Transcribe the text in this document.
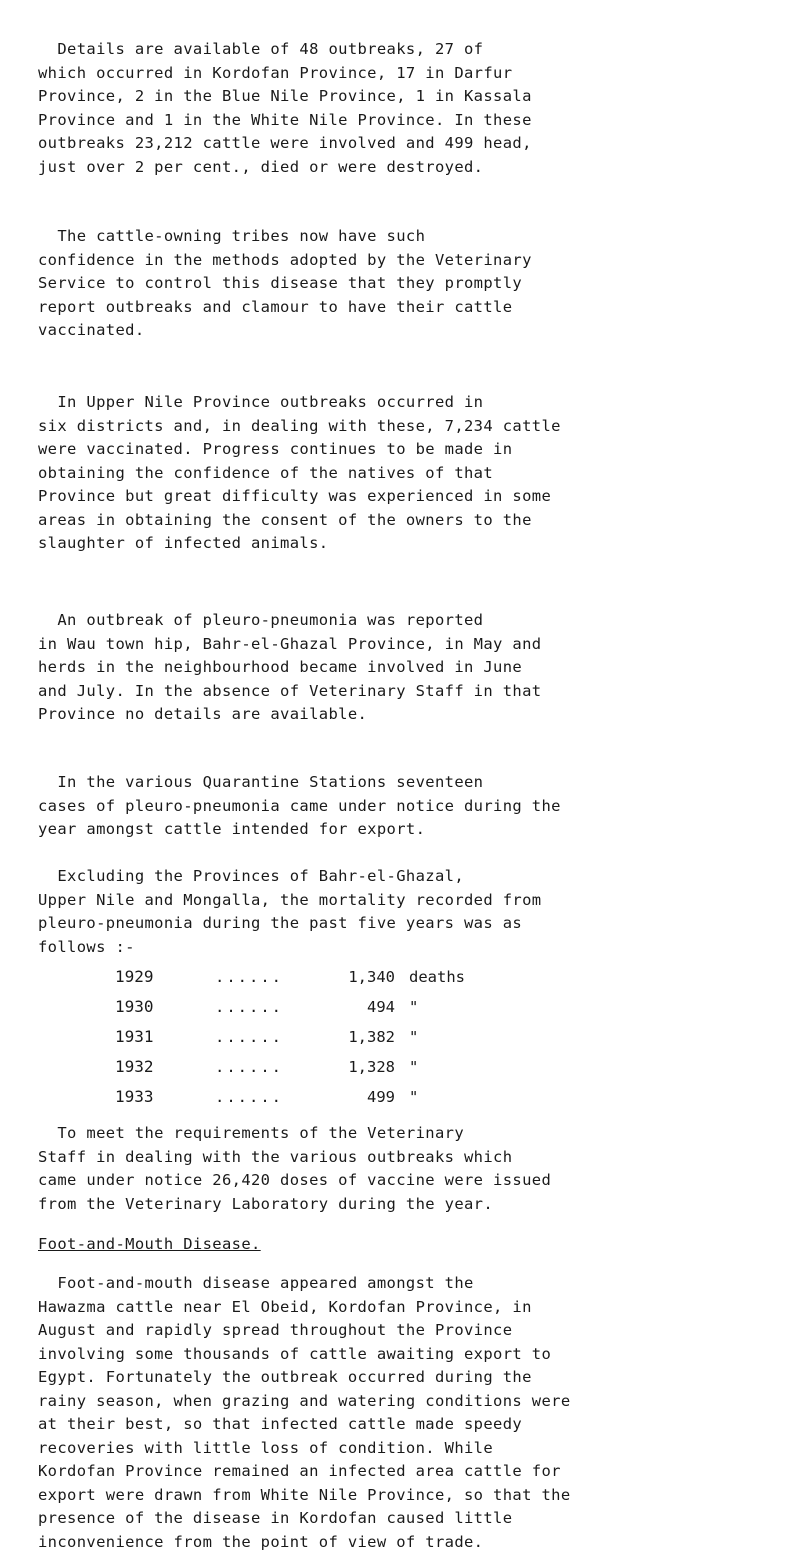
Details are available of 48 outbreaks, 27 of
which occurred in Kordofan Province, 17 in Darfur
Province, 2 in the Blue Nile Province, 1 in Kassala
Province and 1 in the White Nile Province. In these
outbreaks 23,212 cattle were involved and 499 head,
just over 2 per cent., died or were destroyed.
The cattle-owning tribes now have such
confidence in the methods adopted by the Veterinary
Service to control this disease that they promptly
report outbreaks and clamour to have their cattle
vaccinated.
In Upper Nile Province outbreaks occurred in
six districts and, in dealing with these, 7,234 cattle
were vaccinated. Progress continues to be made in
obtaining the confidence of the natives of that
Province but great difficulty was experienced in some
areas in obtaining the consent of the owners to the
slaughter of infected animals.
An outbreak of pleuro-pneumonia was reported
in Wau town hip, Bahr-el-Ghazal Province, in May and
herds in the neighbourhood became involved in June
and July. In the absence of Veterinary Staff in that
Province no details are available.
In the various Quarantine Stations seventeen
cases of pleuro-pneumonia came under notice during the
year amongst cattle intended for export.
Excluding the Provinces of Bahr-el-Ghazal,
Upper Nile and Mongalla, the mortality recorded from
pleuro-pneumonia during the past five years was as
follows :-
1929	......	1,340 deaths
1930	......	494 "
1931	......	1,382 "
1932	......	1,328 "
1933	......	499 "
To meet the requirements of the Veterinary
Staff in dealing with the various outbreaks which
came under notice 26,420 doses of vaccine were issued
from the Veterinary Laboratory during the year.
Foot-and-Mouth Disease.
Foot-and-mouth disease appeared amongst the
Hawazma cattle near El Obeid, Kordofan Province, in
August and rapidly spread throughout the Province
involving some thousands of cattle awaiting export to
Egypt. Fortunately the outbreak occurred during the
rainy season, when grazing and watering conditions were
at their best, so that infected cattle made speedy
recoveries with little loss of condition. While
Kordofan Province remained an infected area cattle for
export were drawn from White Nile Province, so that the
presence of the disease in Kordofan caused little
inconvenience from the point of view of trade.
